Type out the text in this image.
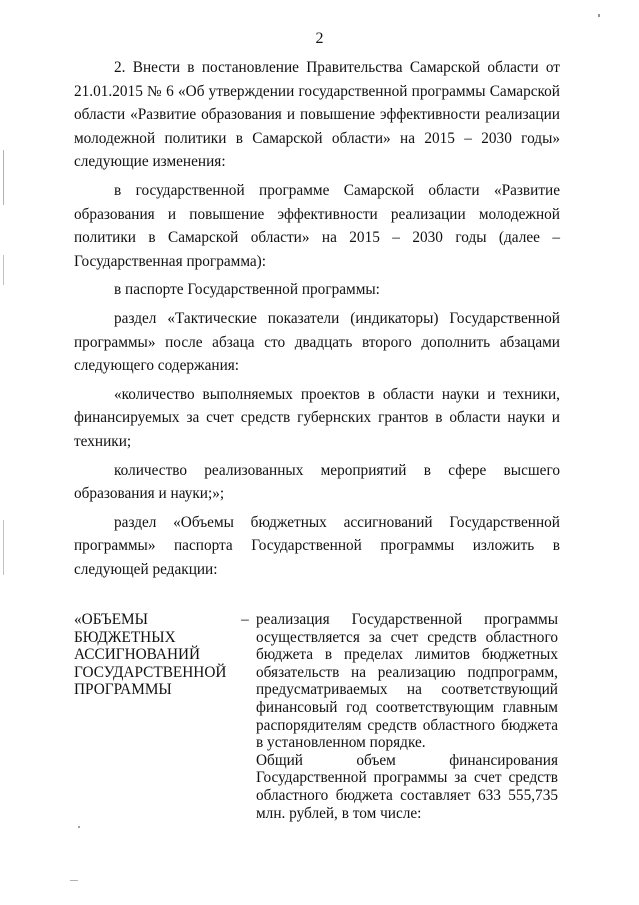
2

2. Внести в постановление Правительства Самарской области от 21.01.2015 № 6 «Об утверждении государственной программы Самарской области «Развитие образования и повышение эффективности реализации молодежной политики в Самарской области» на 2015 – 2030 годы» следующие изменения:

в государственной программе Самарской области «Развитие образования и повышение эффективности реализации молодежной политики в Самарской области» на 2015 – 2030 годы (далее – Государственная программа):

в паспорте Государственной программы:

раздел «Тактические показатели (индикаторы) Государственной программы» после абзаца сто двадцать второго дополнить абзацами следующего содержания:

«количество выполняемых проектов в области науки и техники, финансируемых за счет средств губернских грантов в области науки и техники;

количество реализованных мероприятий в сфере высшего образования и науки;»;

раздел «Объемы бюджетных ассигнований Государственной программы» паспорта Государственной программы изложить в следующей редакции:

«ОБЪЕМЫ БЮДЖЕТНЫХ АССИГНОВАНИЙ ГОСУДАРСТВЕННОЙ ПРОГРАММЫ
– реализация Государственной программы осуществляется за счет средств областного бюджета в пределах лимитов бюджетных обязательств на реализацию подпрограмм, предусматриваемых на соответствующий финансовый год соответствующим главным распорядителям средств областного бюджета в установленном порядке.

Общий объем финансирования Государственной программы за счет средств областного бюджета составляет 633 555,735 млн. рублей, в том числе:
